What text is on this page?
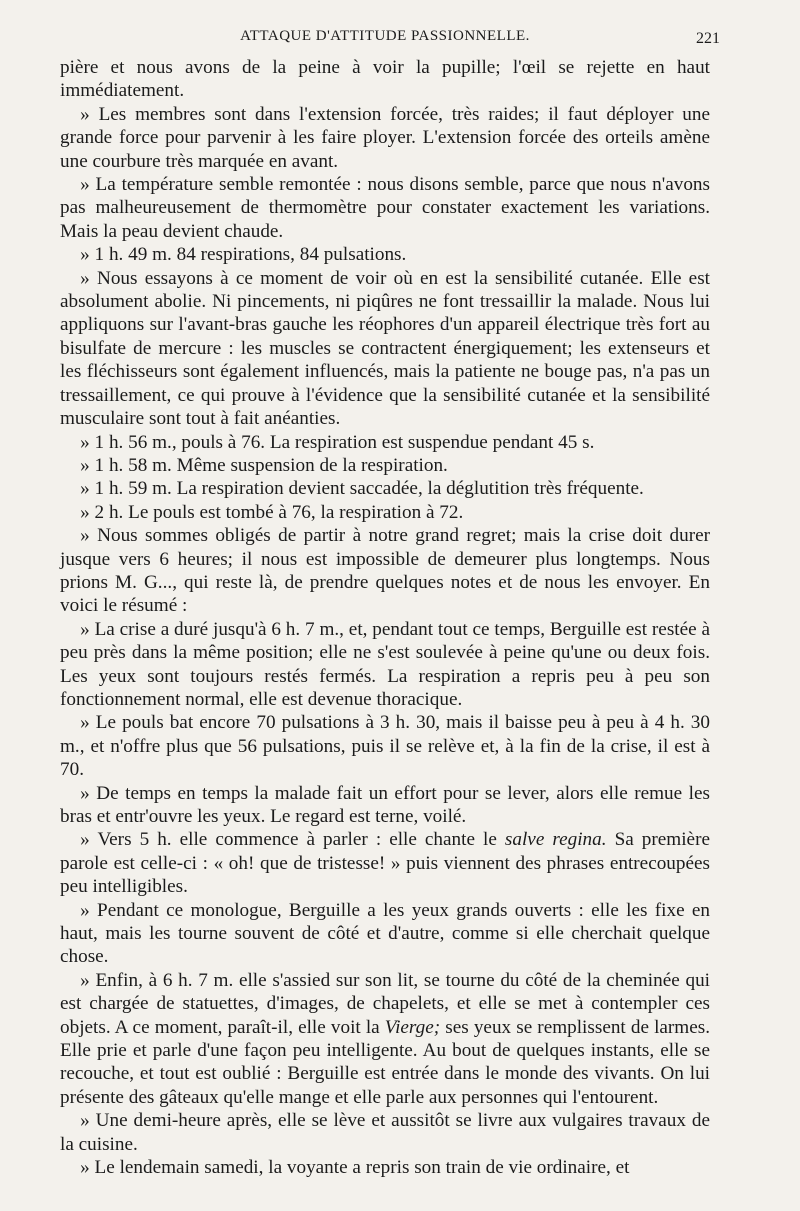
ATTAQUE D'ATTITUDE PASSIONNELLE.	221

pière et nous avons de la peine à voir la pupille; l'œil se rejette en haut immédiatement.

» Les membres sont dans l'extension forcée, très raides; il faut déployer une grande force pour parvenir à les faire ployer. L'extension forcée des orteils amène une courbure très marquée en avant.

» La température semble remontée : nous disons semble, parce que nous n'avons pas malheureusement de thermomètre pour constater exactement les variations. Mais la peau devient chaude.

» 1 h. 49 m. 84 respirations, 84 pulsations.

» Nous essayons à ce moment de voir où en est la sensibilité cutanée. Elle est absolument abolie. Ni pincements, ni piqûres ne font tressaillir la malade. Nous lui appliquons sur l'avant-bras gauche les réophores d'un appareil électrique très fort au bisulfate de mercure : les muscles se contractent énergiquement; les extenseurs et les fléchisseurs sont également influencés, mais la patiente ne bouge pas, n'a pas un tressaillement, ce qui prouve à l'évidence que la sensibilité cutanée et la sensibilité musculaire sont tout à fait anéanties.

» 1 h. 56 m., pouls à 76. La respiration est suspendue pendant 45 s.

» 1 h. 58 m. Même suspension de la respiration.

» 1 h. 59 m. La respiration devient saccadée, la déglutition très fréquente.

» 2 h. Le pouls est tombé à 76, la respiration à 72.

» Nous sommes obligés de partir à notre grand regret; mais la crise doit durer jusque vers 6 heures; il nous est impossible de demeurer plus longtemps. Nous prions M. G..., qui reste là, de prendre quelques notes et de nous les envoyer. En voici le résumé :

» La crise a duré jusqu'à 6 h. 7 m., et, pendant tout ce temps, Berguille est restée à peu près dans la même position; elle ne s'est soulevée à peine qu'une ou deux fois. Les yeux sont toujours restés fermés. La respiration a repris peu à peu son fonctionnement normal, elle est devenue thoracique.

» Le pouls bat encore 70 pulsations à 3 h. 30, mais il baisse peu à peu à 4 h. 30 m., et n'offre plus que 56 pulsations, puis il se relève et, à la fin de la crise, il est à 70.

» De temps en temps la malade fait un effort pour se lever, alors elle remue les bras et entr'ouvre les yeux. Le regard est terne, voilé.

» Vers 5 h. elle commence à parler : elle chante le salve regina. Sa première parole est celle-ci : « oh! que de tristesse! » puis viennent des phrases entrecoupées peu intelligibles.

» Pendant ce monologue, Berguille a les yeux grands ouverts : elle les fixe en haut, mais les tourne souvent de côté et d'autre, comme si elle cherchait quelque chose.

» Enfin, à 6 h. 7 m. elle s'assied sur son lit, se tourne du côté de la cheminée qui est chargée de statuettes, d'images, de chapelets, et elle se met à contempler ces objets. A ce moment, paraît-il, elle voit la Vierge; ses yeux se remplissent de larmes. Elle prie et parle d'une façon peu intelligente. Au bout de quelques instants, elle se recouche, et tout est oublié : Berguille est entrée dans le monde des vivants. On lui présente des gâteaux qu'elle mange et elle parle aux personnes qui l'entourent.

» Une demi-heure après, elle se lève et aussitôt se livre aux vulgaires travaux de la cuisine.

» Le lendemain samedi, la voyante a repris son train de vie ordinaire, et
